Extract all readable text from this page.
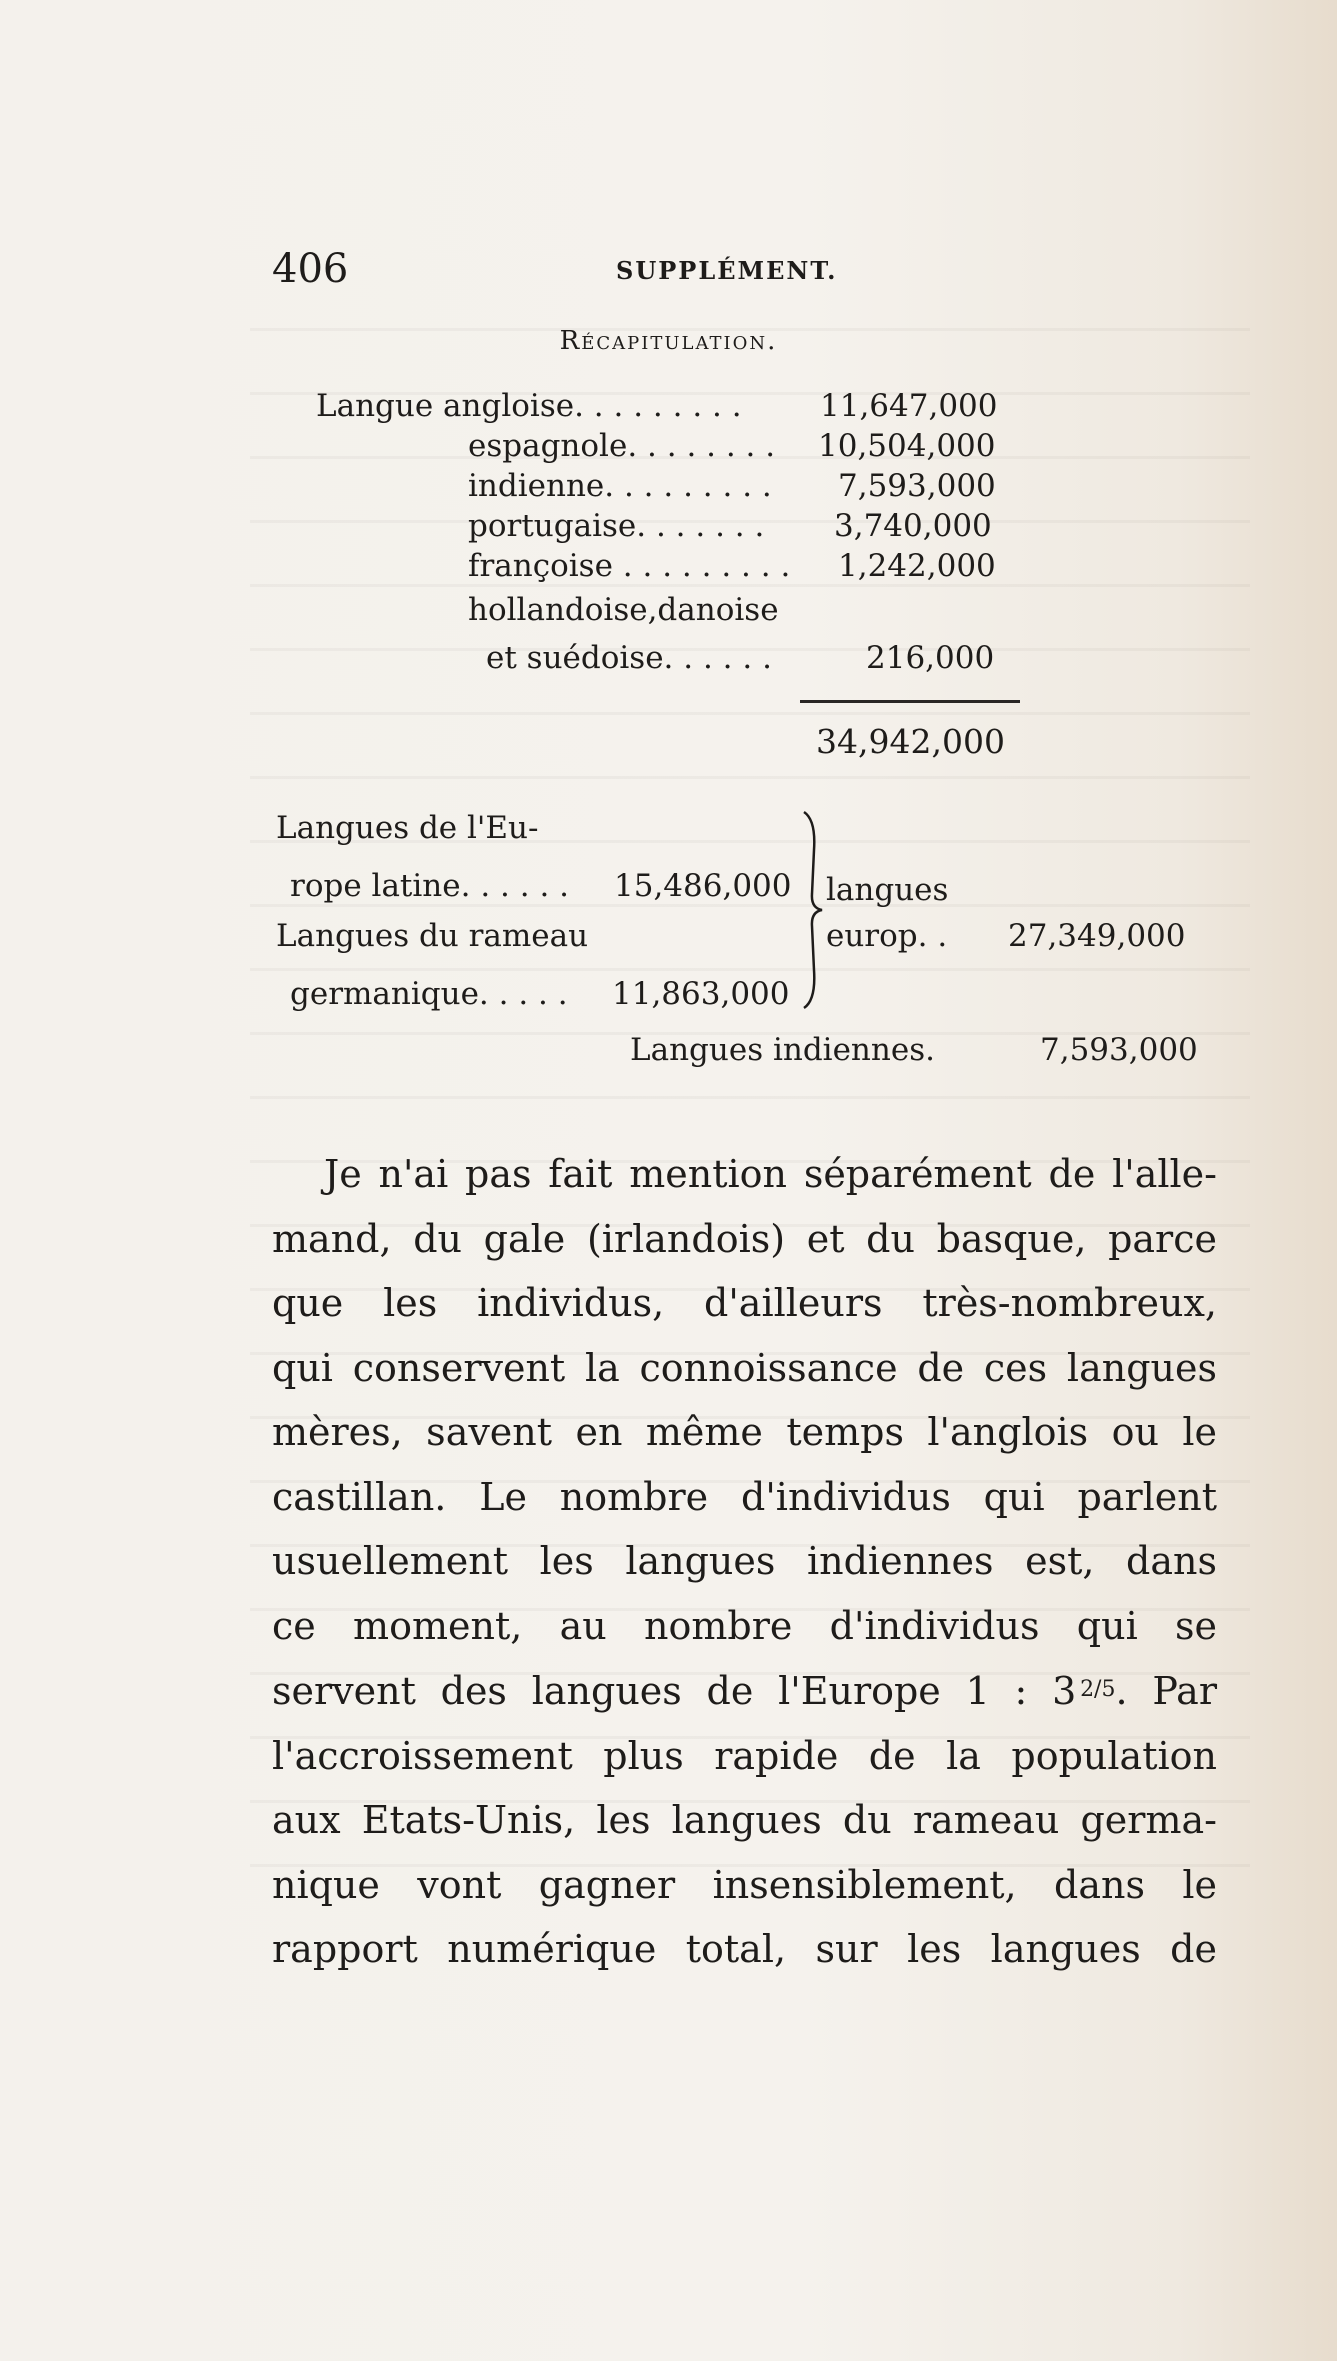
406	SUPPLÉMENT.
Récapitulation.
Langue angloise. . . . . . . . .	11,647,000
espagnole. . . . . . . . 10,504,000
indienne. . . . . . . . . 7,593,000
portugaise. . . . . . . 3,740,000
françoise . . . . . . . . . 1,242,000
hollandoise,danoise
et suédoise. . . . . .	216,000
34,942,000
Langues de l'Eu-
rope latine. . . . . . 15,486,000
Langues du rameau
germanique. . . . . 11,863,000
langues
europ. . 27,349,000
Langues indiennes.	7,593,000

Je n'ai pas fait mention séparément de l'alle-
mand, du gale (irlandois) et du basque, parce
que les individus, d'ailleurs très-nombreux,
qui conservent la connoissance de ces langues
mères, savent en même temps l'anglois ou le
castillan. Le nombre d'individus qui parlent
usuellement les langues indiennes est, dans
ce moment, au nombre d'individus qui se
servent des langues de l'Europe 1 : 3  $^{2/5}$. Par
l'accroissement plus rapide de la population
aux Etats-Unis, les langues du rameau germa-
nique vont gagner insensiblement, dans le
rapport numérique total, sur les langues de
